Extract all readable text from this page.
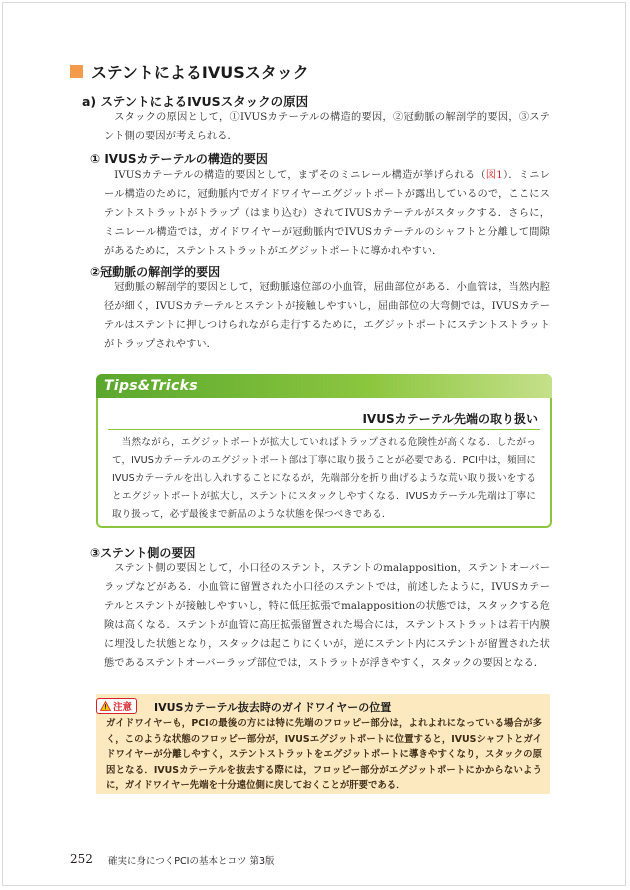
ステントによるIVUSスタック
a) ステントによるIVUSスタックの原因
スタックの原因として，①IVUSカテーテルの構造的要因，②冠動脈の解剖学的要因，③ステント側の要因が考えられる．
① IVUSカテーテルの構造的要因
IVUSカテーテルの構造的要因として，まずそのミニレール構造が挙げられる（図1）．ミニレール構造のために，冠動脈内でガイドワイヤーエグジットポートが露出しているので，ここにステントストラットがトラップ（はまり込む）されてIVUSカテーテルがスタックする．さらに，ミニレール構造では，ガイドワイヤーが冠動脈内でIVUSカテーテルのシャフトと分離して間隙があるために，ステントストラットがエグジットポートに導かれやすい．
②冠動脈の解剖学的要因
冠動脈の解剖学的要因として，冠動脈遠位部の小血管，屈曲部位がある．小血管は，当然内腔径が細く，IVUSカテーテルとステントが接触しやすいし，屈曲部位の大弯側では，IVUSカテーテルはステントに押しつけられながら走行するために，エグジットポートにステントストラットがトラップされやすい．
Tips&Tricks
IVUSカテーテル先端の取り扱い
当然ながら，エグジットポートが拡大していればトラップされる危険性が高くなる．したがって，IVUSカテーテルのエグジットポート部は丁寧に取り扱うことが必要である．PCI中は，頻回にIVUSカテーテルを出し入れすることになるが，先端部分を折り曲げるような荒い取り扱いをするとエグジットポートが拡大し，ステントにスタックしやすくなる．IVUSカテーテル先端は丁寧に取り扱って，必ず最後まで新品のような状態を保つべきである．
③ステント側の要因
ステント側の要因として，小口径のステント，ステントのmalapposition，ステントオーバーラップなどがある．小血管に留置された小口径のステントでは，前述したように，IVUSカテーテルとステントが接触しやすいし，特に低圧拡張でmalappositionの状態では，スタックする危険は高くなる．ステントが血管に高圧拡張留置された場合には，ステントストラットは若干内膜に埋没した状態となり，スタックは起こりにくいが，逆にステント内にステントが留置された状態であるステントオーバーラップ部位では，ストラットが浮きやすく，スタックの要因となる．
注意 IVUSカテーテル抜去時のガイドワイヤーの位置
ガイドワイヤーも，PCIの最後の方には特に先端のフロッピー部分は，よれよれになっている場合が多く，このような状態のフロッピー部分が，IVUSエグジットポートに位置すると，IVUSシャフトとガイドワイヤーが分離しやすく，ステントストラットをエグジットポートに導きやすくなり，スタックの原因となる．IVUSカテーテルを抜去する際には，フロッピー部分がエグジットポートにかからないように，ガイドワイヤー先端を十分遠位側に戻しておくことが肝要である．
252 確実に身につくPCIの基本とコツ 第3版
